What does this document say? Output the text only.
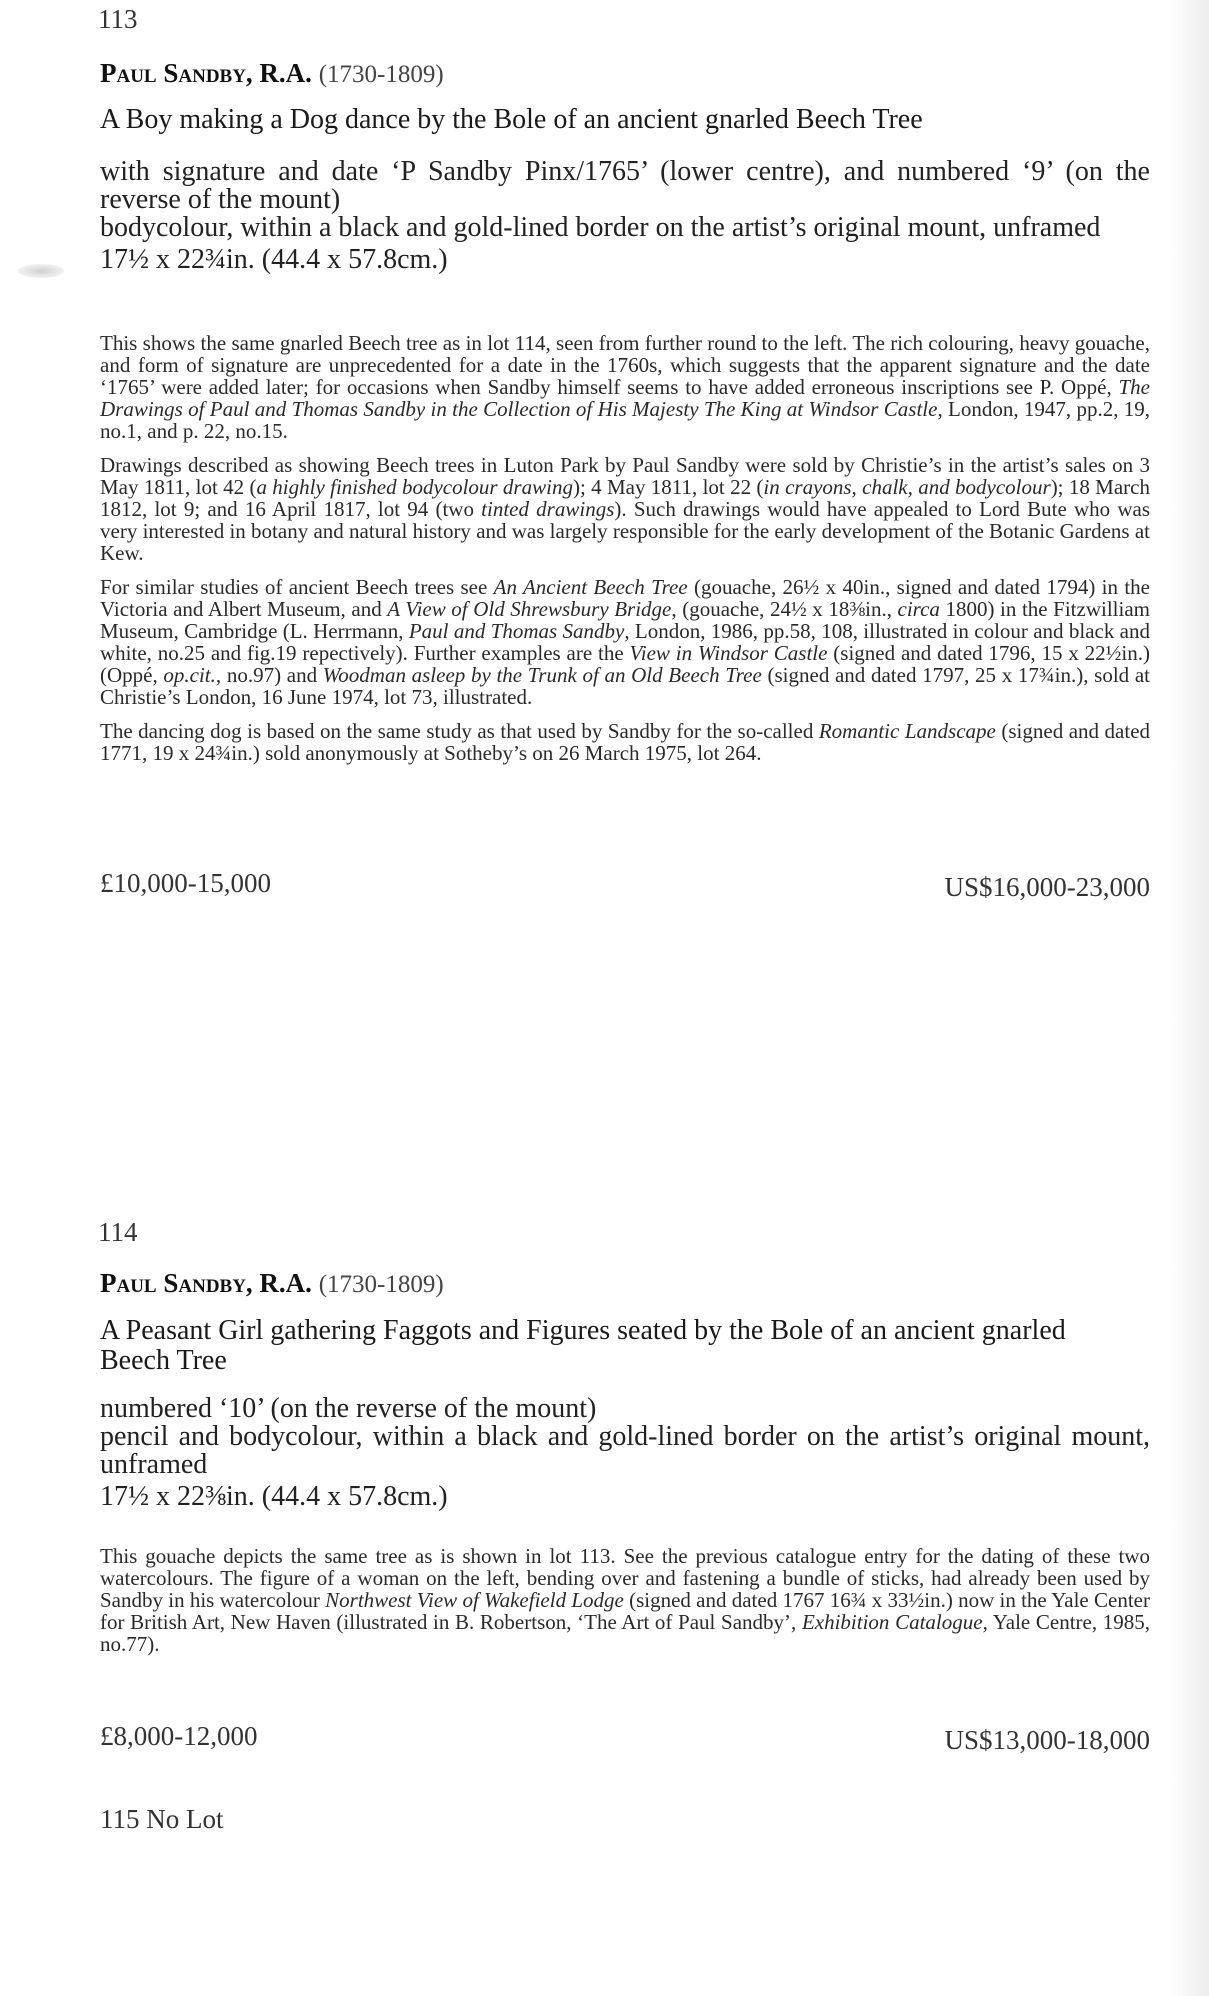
113
Paul Sandby, R.A. (1730-1809)
A Boy making a Dog dance by the Bole of an ancient gnarled Beech Tree

with signature and date ‘P Sandby Pinx/1765’ (lower centre), and numbered ‘9’ (on the reverse of the mount)

bodycolour, within a black and gold-lined border on the artist’s original mount, unframed

17½ x 22¾in. (44.4 x 57.8cm.)

This shows the same gnarled Beech tree as in lot 114, seen from further round to the left. The rich colouring, heavy gouache, and form of signature are unprecedented for a date in the 1760s, which suggests that the apparent signature and the date ‘1765’ were added later; for occasions when Sandby himself seems to have added erroneous inscriptions see P. Oppé, The Drawings of Paul and Thomas Sandby in the Collection of His Majesty The King at Windsor Castle, London, 1947, pp.2, 19, no.1, and p. 22, no.15.

Drawings described as showing Beech trees in Luton Park by Paul Sandby were sold by Christie’s in the artist’s sales on 3 May 1811, lot 42 (a highly finished bodycolour drawing); 4 May 1811, lot 22 (in crayons, chalk, and bodycolour); 18 March 1812, lot 9; and 16 April 1817, lot 94 (two tinted drawings). Such drawings would have appealed to Lord Bute who was very interested in botany and natural history and was largely responsible for the early development of the Botanic Gardens at Kew.

For similar studies of ancient Beech trees see An Ancient Beech Tree (gouache, 26½ x 40in., signed and dated 1794) in the Victoria and Albert Museum, and A View of Old Shrewsbury Bridge, (gouache, 24½ x 18⅜in., circa 1800) in the Fitzwilliam Museum, Cambridge (L. Herrmann, Paul and Thomas Sandby, London, 1986, pp.58, 108, illustrated in colour and black and white, no.25 and fig.19 repectively). Further examples are the View in Windsor Castle (signed and dated 1796, 15 x 22½in.) (Oppé, op.cit., no.97) and Woodman asleep by the Trunk of an Old Beech Tree (signed and dated 1797, 25 x 17¾in.), sold at Christie’s London, 16 June 1974, lot 73, illustrated.

The dancing dog is based on the same study as that used by Sandby for the so-called Romantic Landscape (signed and dated 1771, 19 x 24¾in.) sold anonymously at Sotheby’s on 26 March 1975, lot 264.

£10,000-15,000	US$16,000-23,000
114
Paul Sandby, R.A. (1730-1809)
A Peasant Girl gathering Faggots and Figures seated by the Bole of an ancient gnarled Beech Tree

numbered ‘10’ (on the reverse of the mount)

pencil and bodycolour, within a black and gold-lined border on the artist’s original mount, unframed

17½ x 22⅜in. (44.4 x 57.8cm.)

This gouache depicts the same tree as is shown in lot 113. See the previous catalogue entry for the dating of these two watercolours. The figure of a woman on the left, bending over and fastening a bundle of sticks, had already been used by Sandby in his watercolour Northwest View of Wakefield Lodge (signed and dated 1767 16¾ x 33½in.) now in the Yale Center for British Art, New Haven (illustrated in B. Robertson, ‘The Art of Paul Sandby’, Exhibition Catalogue, Yale Centre, 1985, no.77).

£8,000-12,000	US$13,000-18,000
115 No Lot
